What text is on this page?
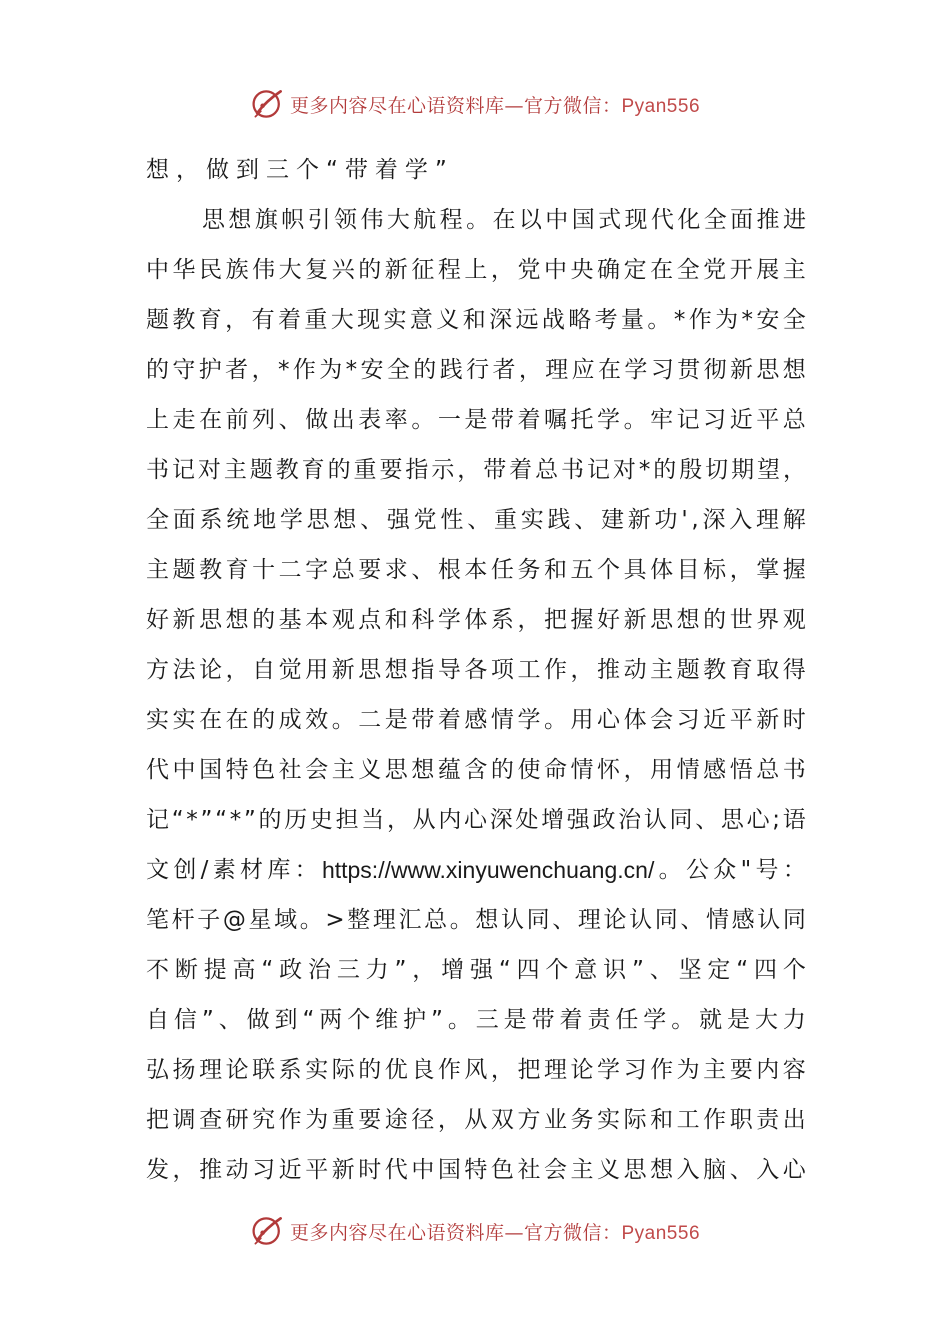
更多内容尽在心语资料库—官方微信：Pyan556
想 ， 做 到 三 个 “ 带 着 学 ”
思 想 旗 帜 引 领 伟 大 航 程 。 在 以 中 国 式 现 代 化 全 面 推 进
中 华 民 族 伟 大 复 兴 的 新 征 程 上 ， 党 中 央 确 定 在 全 党 开 展 主
题 教 育 ， 有 着 重 大 现 实 意 义 和 深 远 战 略 考 量 。 * 作 为 * 安 全
的 守 护 者 ， * 作 为 * 安 全 的 践 行 者 ， 理 应 在 学 习 贯 彻 新 思 想
上 走 在 前 列 、 做 出 表 率 。 一 是 带 着 嘱 托 学 。 牢 记 习 近 平 总
书 记 对 主 题 教 育 的 重 要 指 示 ， 带 着 总 书 记 对 * 的 殷 切 期 望 ，
全 面 系 统 地 学 思 想 、 强 党 性 、 重 实 践 、 建 新 功 ' , 深 入 理 解
主 题 教 育 十 二 字 总 要 求 、 根 本 任 务 和 五 个 具 体 目 标 ， 掌 握
好 新 思 想 的 基 本 观 点 和 科 学 体 系 ， 把 握 好 新 思 想 的 世 界 观
方 法 论 ， 自 觉 用 新 思 想 指 导 各 项 工 作 ， 推 动 主 题 教 育 取 得
实 实 在 在 的 成 效 。 二 是 带 着 感 情 学 。 用 心 体 会 习 近 平 新 时
代 中 国 特 色 社 会 主 义 思 想 蕴 含 的 使 命 情 怀 ， 用 情 感 悟 总 书
记 “ * ” “ * ” 的 历 史 担 当 ， 从 内 心 深 处 增 强 政 治 认 同 、 思 心 ; 语
文 创 / 素 材 库 ： https://www.xinyuwenchuang.cn/ 。 公 众 " 号 ：
笔 杆 子 @ 星 域 。 > 整 理 汇 总 。 想 认 同 、 理 论 认 同 、 情 感 认 同
不 断 提 高 “ 政 治 三 力 ” ， 增 强 “ 四 个 意 识 ” 、 坚 定 “ 四 个
自 信 ” 、 做 到 “ 两 个 维 护 ” 。 三 是 带 着 责 任 学 。 就 是 大 力
弘 扬 理 论 联 系 实 际 的 优 良 作 风 ， 把 理 论 学 习 作 为 主 要 内 容
把 调 查 研 究 作 为 重 要 途 径 ， 从 双 方 业 务 实 际 和 工 作 职 责 出
发 ， 推 动 习 近 平 新 时 代 中 国 特 色 社 会 主 义 思 想 入 脑 、 入 心
更多内容尽在心语资料库—官方微信：Pyan556
